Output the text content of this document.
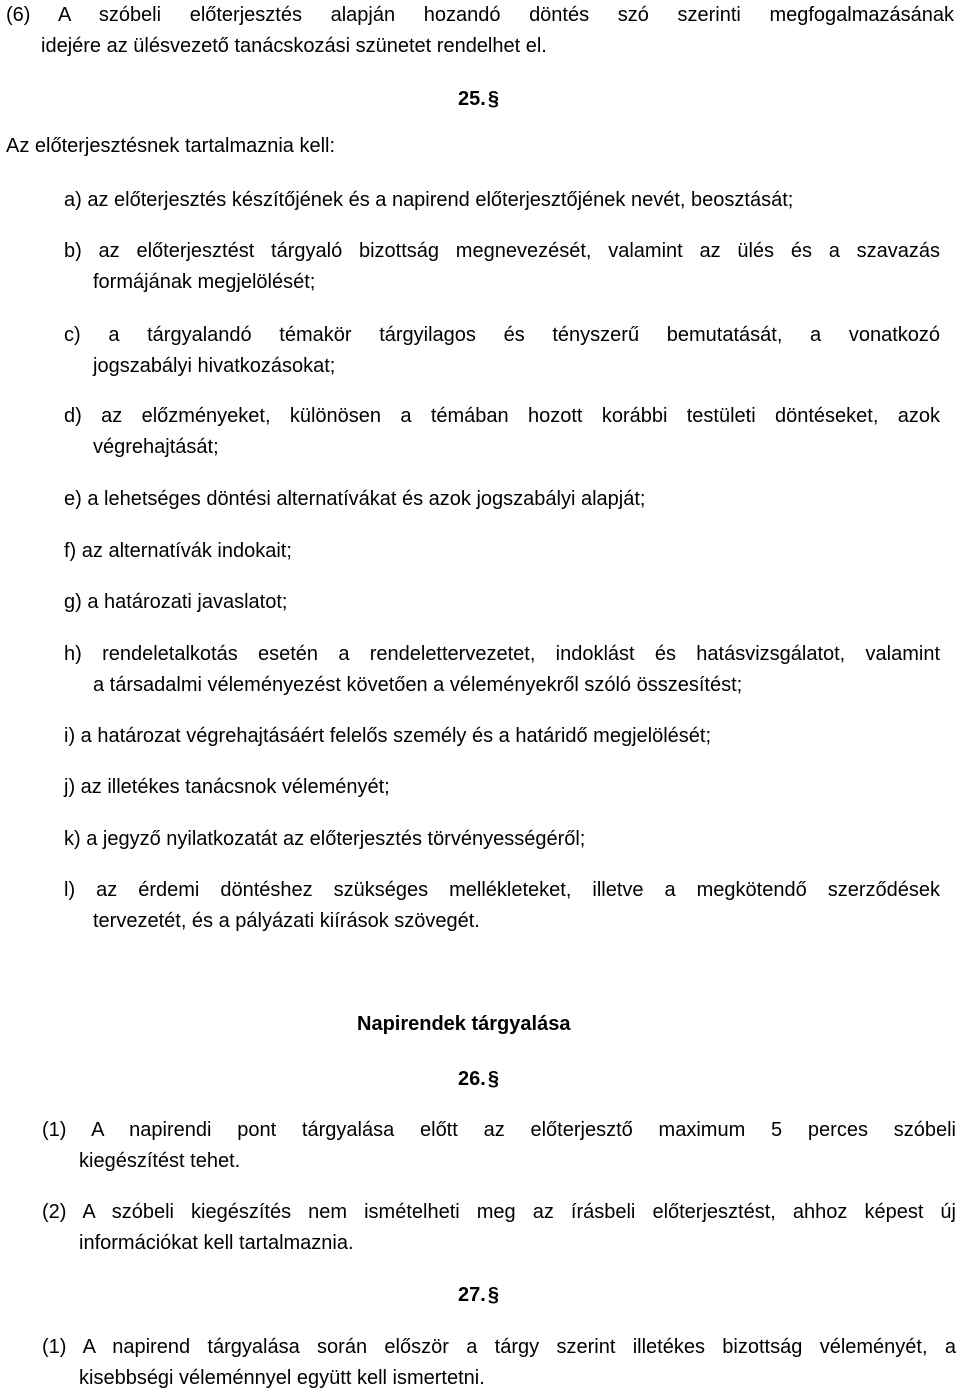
(6) A szóbeli előterjesztés alapján hozandó döntés szó szerinti megfogalmazásának
idejére az ülésvezető tanácskozási szünetet rendelhet el.
25. §
Az előterjesztésnek tartalmaznia kell:
a) az előterjesztés készítőjének és a napirend előterjesztőjének nevét, beosztását;
b) az előterjesztést tárgyaló bizottság megnevezését, valamint az ülés és a szavazás
formájának megjelölését;
c) a tárgyalandó témakör tárgyilagos és tényszerű bemutatását, a vonatkozó
jogszabályi hivatkozásokat;
d) az előzményeket, különösen a témában hozott korábbi testületi döntéseket, azok
végrehajtását;
e) a lehetséges döntési alternatívákat és azok jogszabályi alapját;
f) az alternatívák indokait;
g) a határozati javaslatot;
h) rendeletalkotás esetén a rendelettervezetet, indoklást és hatásvizsgálatot, valamint
a társadalmi véleményezést követően a véleményekről szóló összesítést;
i) a határozat végrehajtásáért felelős személy és a határidő megjelölését;
j) az illetékes tanácsnok véleményét;
k) a jegyző nyilatkozatát az előterjesztés törvényességéről;
l) az érdemi döntéshez szükséges mellékleteket, illetve a megkötendő szerződések
tervezetét, és a pályázati kiírások szövegét.
Napirendek tárgyalása
26. §
(1) A napirendi pont tárgyalása előtt az előterjesztő maximum 5 perces szóbeli
kiegészítést tehet.
(2) A szóbeli kiegészítés nem ismételheti meg az írásbeli előterjesztést, ahhoz képest új
információkat kell tartalmaznia.
27. §
(1) A napirend tárgyalása során először a tárgy szerint illetékes bizottság véleményét, a
kisebbségi véleménnyel együtt kell ismertetni.
